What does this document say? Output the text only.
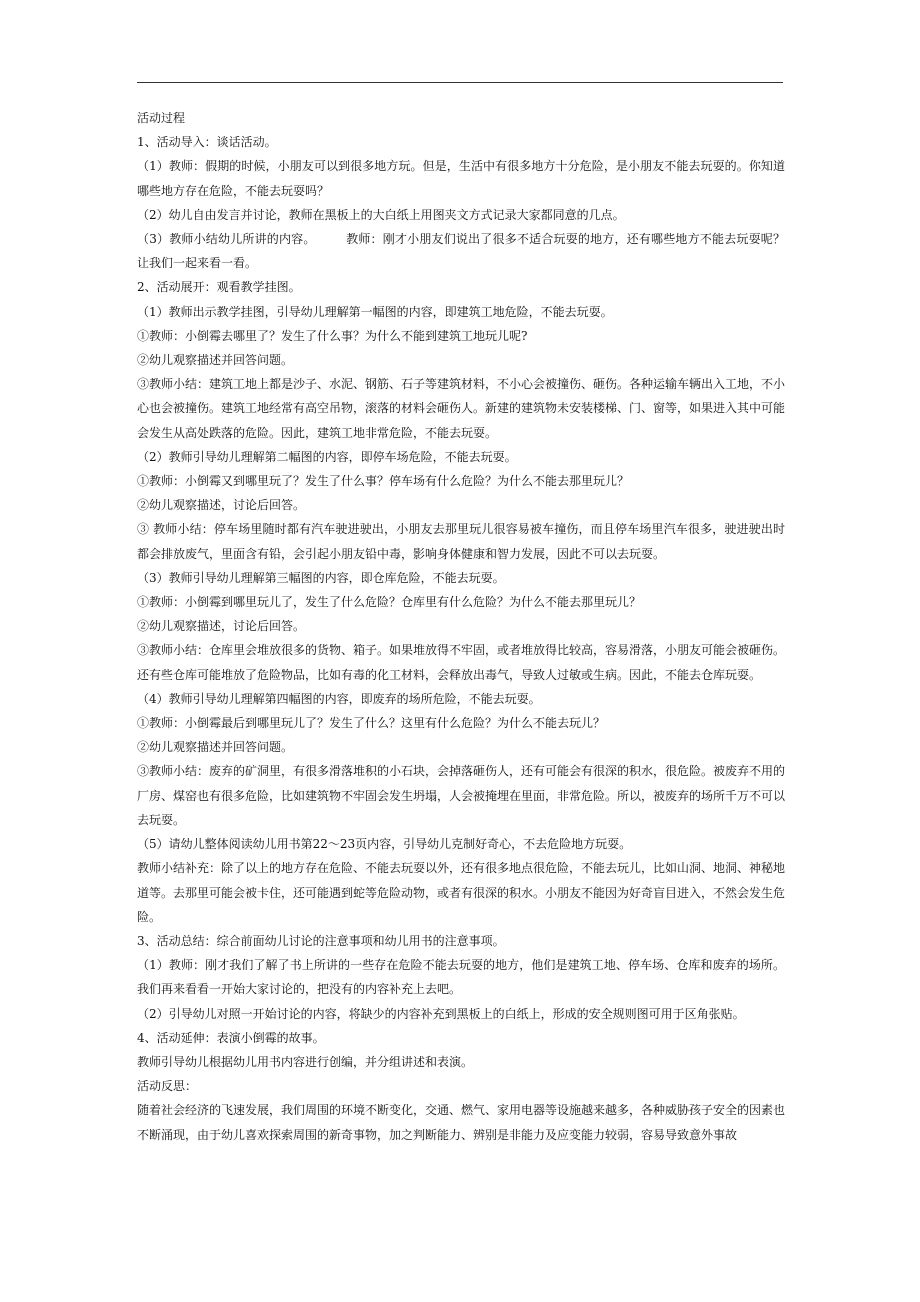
活动过程

1、活动导入：谈话活动。

（1）教师：假期的时候，小朋友可以到很多地方玩。但是，生活中有很多地方十分危险，是小朋友不能去玩耍的。你知道哪些地方存在危险，不能去玩耍吗？

（2）幼儿自由发言并讨论，教师在黑板上的大白纸上用图夹文方式记录大家都同意的几点。

（3）教师小结幼儿所讲的内容。　　　教师：刚才小朋友们说出了很多不适合玩耍的地方，还有哪些地方不能去玩耍呢？让我们一起来看一看。

2、活动展开：观看教学挂图。

（1）教师出示教学挂图，引导幼儿理解第一幅图的内容，即建筑工地危险，不能去玩耍。

①教师：小倒霉去哪里了？发生了什么事？为什么不能到建筑工地玩儿呢?

②幼儿观察描述并回答问题。

③教师小结：建筑工地上都是沙子、水泥、钢筋、石子等建筑材料，不小心会被撞伤、砸伤。各种运输车辆出入工地，不小心也会被撞伤。建筑工地经常有高空吊物，滚落的材料会砸伤人。新建的建筑物未安装楼梯、门、窗等，如果进入其中可能会发生从高处跌落的危险。因此，建筑工地非常危险，不能去玩耍。

（2）教师引导幼儿理解第二幅图的内容，即停车场危险，不能去玩耍。

①教师：小倒霉又到哪里玩了？发生了什么事？停车场有什么危险？为什么不能去那里玩儿？

②幼儿观察描述，讨论后回答。

③ 教师小结：停车场里随时都有汽车驶进驶出，小朋友去那里玩儿很容易被车撞伤，而且停车场里汽车很多，驶进驶出时都会排放废气，里面含有铅，会引起小朋友铅中毒，影响身体健康和智力发展，因此不可以去玩耍。

（3）教师引导幼儿理解第三幅图的内容，即仓库危险，不能去玩耍。

①教师：小倒霉到哪里玩儿了，发生了什么危险？仓库里有什么危险？为什么不能去那里玩儿？

②幼儿观察描述，讨论后回答。

③教师小结：仓库里会堆放很多的货物、箱子。如果堆放得不牢固，或者堆放得比较高，容易滑落，小朋友可能会被砸伤。还有些仓库可能堆放了危险物品，比如有毒的化工材料，会释放出毒气，导致人过敏或生病。因此，不能去仓库玩耍。

（4）教师引导幼儿理解第四幅图的内容，即废弃的场所危险，不能去玩耍。

①教师：小倒霉最后到哪里玩儿了？发生了什么？这里有什么危险？为什么不能去玩儿？

②幼儿观察描述并回答问题。

③教师小结：废弃的矿洞里，有很多滑落堆积的小石块，会掉落砸伤人，还有可能会有很深的积水，很危险。被废弃不用的厂房、煤窑也有很多危险，比如建筑物不牢固会发生坍塌，人会被掩埋在里面，非常危险。所以，被废弃的场所千万不可以去玩耍。

（5）请幼儿整体阅读幼儿用书第22～23页内容，引导幼儿克制好奇心，不去危险地方玩耍。

教师小结补充：除了以上的地方存在危险、不能去玩耍以外，还有很多地点很危险，不能去玩儿，比如山洞、地洞、神秘地道等。去那里可能会被卡住，还可能遇到蛇等危险动物，或者有很深的积水。小朋友不能因为好奇盲目进入，不然会发生危险。

3、活动总结：综合前面幼儿讨论的注意事项和幼儿用书的注意事项。

（1）教师：刚才我们了解了书上所讲的一些存在危险不能去玩耍的地方，他们是建筑工地、停车场、仓库和废弃的场所。我们再来看看一开始大家讨论的，把没有的内容补充上去吧。

（2）引导幼儿对照一开始讨论的内容，将缺少的内容补充到黑板上的白纸上，形成的安全规则图可用于区角张贴。

4、活动延伸：表演小倒霉的故事。

教师引导幼儿根据幼儿用书内容进行创编，并分组讲述和表演。

活动反思：

随着社会经济的飞速发展，我们周围的环境不断变化，交通、燃气、家用电器等设施越来越多，各种威胁孩子安全的因素也不断涌现，由于幼儿喜欢探索周围的新奇事物，加之判断能力、辨别是非能力及应变能力较弱，容易导致意外事故
